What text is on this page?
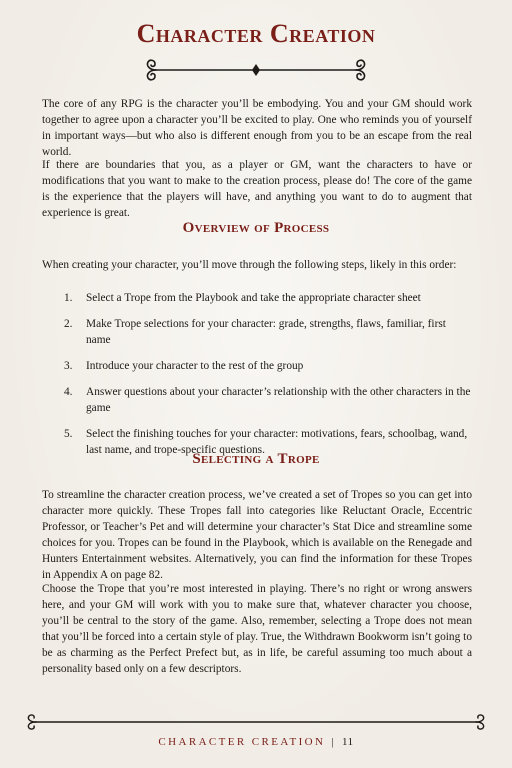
Character Creation

The core of any RPG is the character you’ll be embodying. You and your GM should work together to agree upon a character you’ll be excited to play. One who reminds you of yourself in important ways—but who also is different enough from you to be an escape from the real world.

If there are boundaries that you, as a player or GM, want the characters to have or modifications that you want to make to the creation process, please do! The core of the game is the experience that the players will have, and anything you want to do to augment that experience is great.

Overview of Process

When creating your character, you’ll move through the following steps, likely in this order:

1. Select a Trope from the Playbook and take the appropriate character sheet
2. Make Trope selections for your character: grade, strengths, flaws, familiar, first name
3. Introduce your character to the rest of the group
4. Answer questions about your character’s relationship with the other characters in the game
5. Select the finishing touches for your character: motivations, fears, schoolbag, wand, last name, and trope-specific questions.
Selecting a Trope

To streamline the character creation process, we’ve created a set of Tropes so you can get into character more quickly. These Tropes fall into categories like Reluctant Oracle, Eccentric Professor, or Teacher’s Pet and will determine your character’s Stat Dice and streamline some choices for you. Tropes can be found in the Playbook, which is available on the Renegade and Hunters Entertainment websites. Alternatively, you can find the information for these Tropes in Appendix A on page 82.

Choose the Trope that you’re most interested in playing. There’s no right or wrong answers here, and your GM will work with you to make sure that, whatever character you choose, you’ll be central to the story of the game. Also, remember, selecting a Trope does not mean that you’ll be forced into a certain style of play. True, the Withdrawn Bookworm isn’t going to be as charming as the Perfect Prefect but, as in life, be careful assuming too much about a personality based only on a few descriptors.

CHARACTER CREATION | 11
